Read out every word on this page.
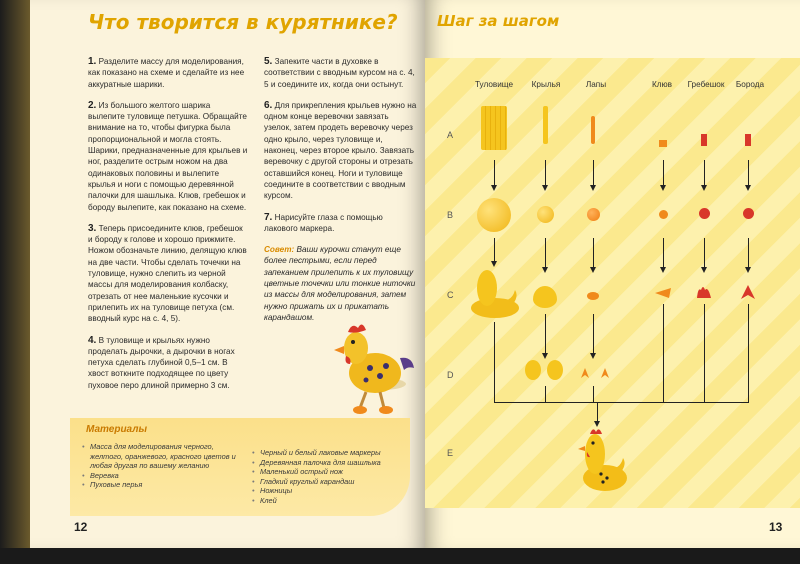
Что творится в курятнике?

1. Разделите массу для моделирования, как показано на схеме и сделайте из нее аккуратные шарики.

2. Из большого желтого шарика вылепите туловище петушка. Обращайте внимание на то, чтобы фигурка была пропорциональной и могла стоять. Шарики, предназначенные для крыльев и ног, разделите острым ножом на два одинаковых половины и вылепите крылья и ноги с помощью деревянной палочки для шашлыка. Клюв, гребешок и бороду вылепите, как показано на схеме.

3. Теперь присоедините клюв, гребешок и бороду к голове и хорошо прижмите. Ножом обозначьте линию, делящую клюв на две части. Чтобы сделать точечки на туловище, нужно слепить из черной массы для моделирования колбаску, отрезать от нее маленькие кусочки и прилепить их на туловище петуха (см. вводный курс на с. 4, 5).

4. В туловище и крыльях нужно проделать дырочки, а дырочки в ногах петуха сделать глубиной 0,5–1 см. В хвост воткните подходящее по цвету пуховое перо длиной примерно 3 см.

5. Запеките части в духовке в соответствии с вводным курсом на с. 4, 5 и соедините их, когда они остынут.

6. Для прикрепления крыльев нужно на одном конце веревочки завязать узелок, затем продеть веревочку через одно крыло, через туловище и, наконец, через второе крыло. Завязать веревочку с другой стороны и отрезать оставшийся конец. Ноги и туловище соедините в соответствии с вводным курсом.

7. Нарисуйте глаза с помощью лакового маркера.

Совет: Ваши курочки станут еще более пестрыми, если перед запеканием прилепить к их туловищу цветные точечки или тонкие ниточки из массы для моделирования, затем нужно прижать их и прикатать карандашом.

12
Материалы
• Масса для моделирования черного, желтого, оранжевого, красного цветов и любая другая по вашему желанию
• Веревка
• Пуховые перья
• Черный и белый лаковые маркеры
• Деревянная палочка для шашлыка
• Маленький острый нож
• Гладкий круглый карандаш
• Ножницы
• Клей
Шаг за шагом
Туловище	Крылья	Лапы	Клюв	Гребешок	Борода
A
B
C
D
E
13
